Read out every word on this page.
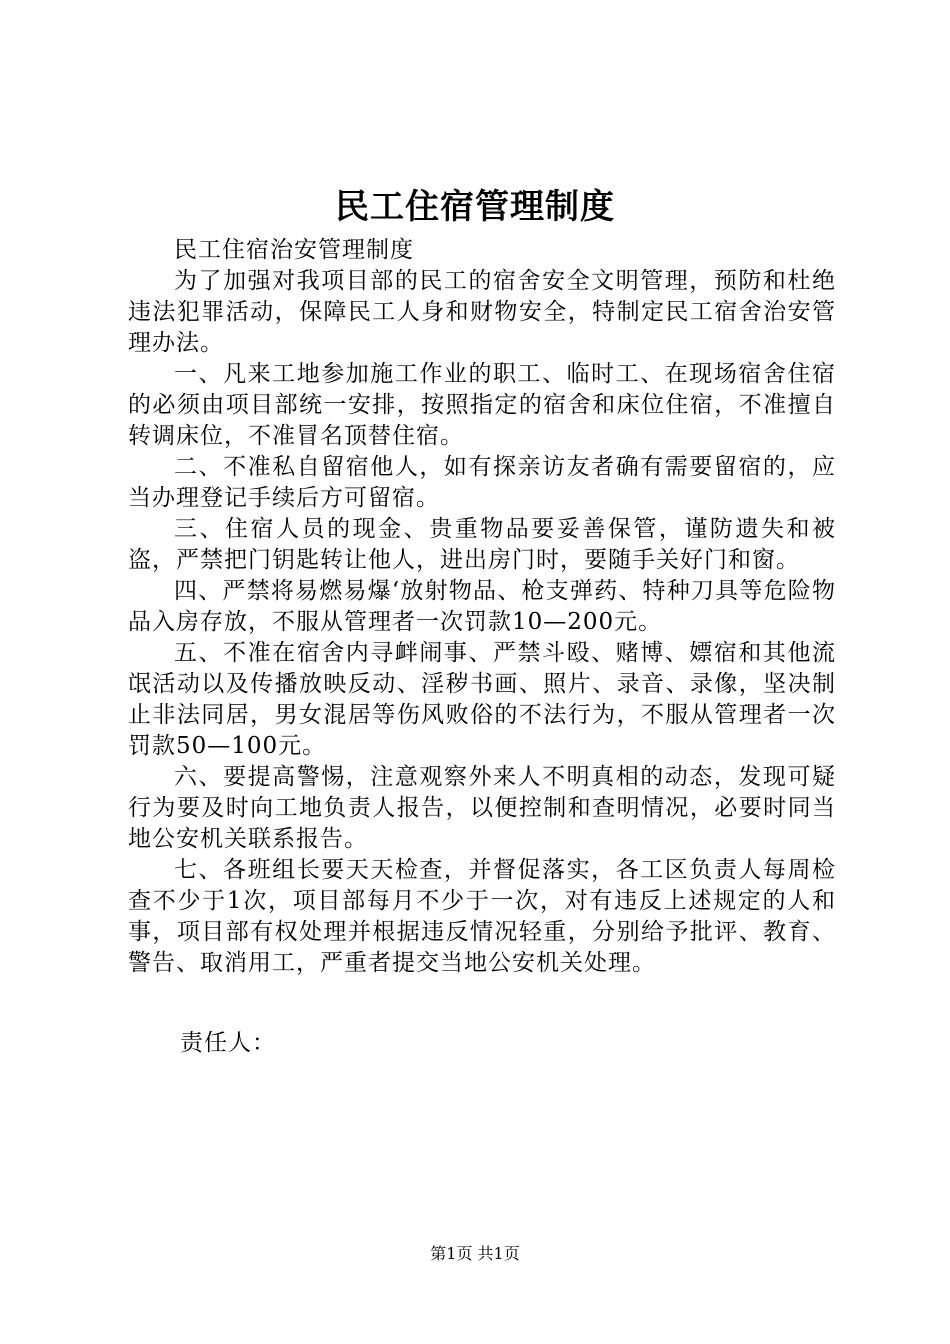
民工住宿管理制度

民工住宿治安管理制度

为了加强对我项目部的民工的宿舍安全文明管理，预防和杜绝违法犯罪活动，保障民工人身和财物安全，特制定民工宿舍治安管理办法。

一、凡来工地参加施工作业的职工、临时工、在现场宿舍住宿的必须由项目部统一安排，按照指定的宿舍和床位住宿，不准擅自转调床位，不准冒名顶替住宿。

二、不准私自留宿他人，如有探亲访友者确有需要留宿的，应当办理登记手续后方可留宿。

三、住宿人员的现金、贵重物品要妥善保管，谨防遗失和被盗，严禁把门钥匙转让他人，进出房门时，要随手关好门和窗。

四、严禁将易燃易爆‘放射物品、枪支弹药、特种刀具等危险物品入房存放，不服从管理者一次罚款10—200元。

五、不准在宿舍内寻衅闹事、严禁斗殴、赌博、嫖宿和其他流氓活动以及传播放映反动、淫秽书画、照片、录音、录像，坚决制止非法同居，男女混居等伤风败俗的不法行为，不服从管理者一次罚款50—100元。

六、要提高警惕，注意观察外来人不明真相的动态，发现可疑行为要及时向工地负责人报告，以便控制和查明情况，必要时同当地公安机关联系报告。

七、各班组长要天天检查，并督促落实，各工区负责人每周检查不少于1次，项目部每月不少于一次，对有违反上述规定的人和事，项目部有权处理并根据违反情况轻重，分别给予批评、教育、警告、取消用工，严重者提交当地公安机关处理。

责任人：
第1页 共1页
